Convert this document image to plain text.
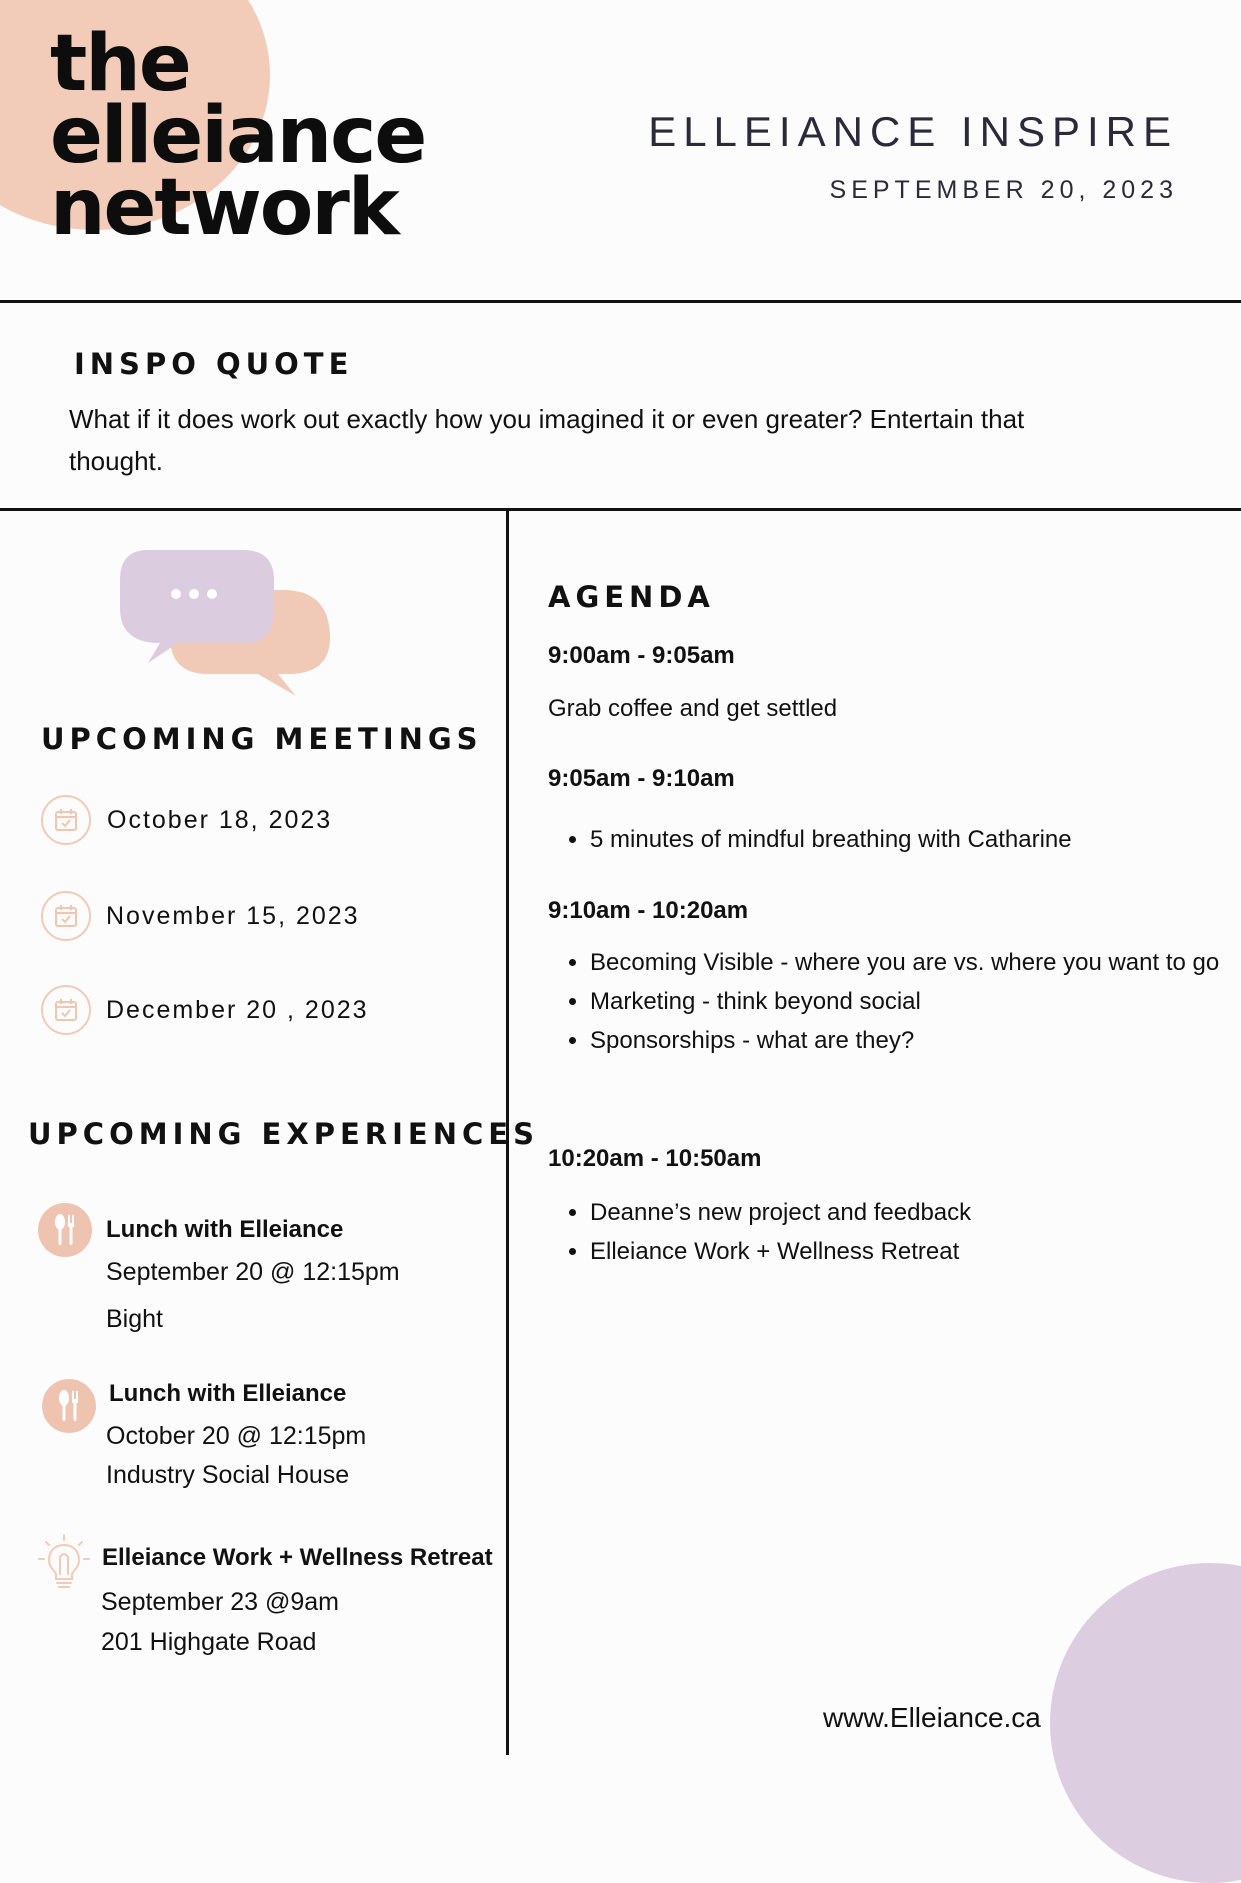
the
elleiance
network
ELLEIANCE INSPIRE
SEPTEMBER 20, 2023
INSPO QUOTE
What if it does work out exactly how you imagined it or even greater? Entertain that thought.
UPCOMING MEETINGS
October 18, 2023
November 15, 2023
December 20 , 2023
UPCOMING EXPERIENCES
Lunch with Elleiance
September 20 @ 12:15pm
Bight
Lunch with Elleiance
October 20 @ 12:15pm
Industry Social House
Elleiance Work + Wellness Retreat
September 23 @9am
201 Highgate Road
AGENDA
9:00am - 9:05am
Grab coffee and get settled
9:05am - 9:10am
• 5 minutes of mindful breathing with Catharine
9:10am - 10:20am
• Becoming Visible - where you are vs. where you want to go
• Marketing - think beyond social
• Sponsorships - what are they?
10:20am - 10:50am
• Deanne’s new project and feedback
• Elleiance Work + Wellness Retreat
www.Elleiance.ca
